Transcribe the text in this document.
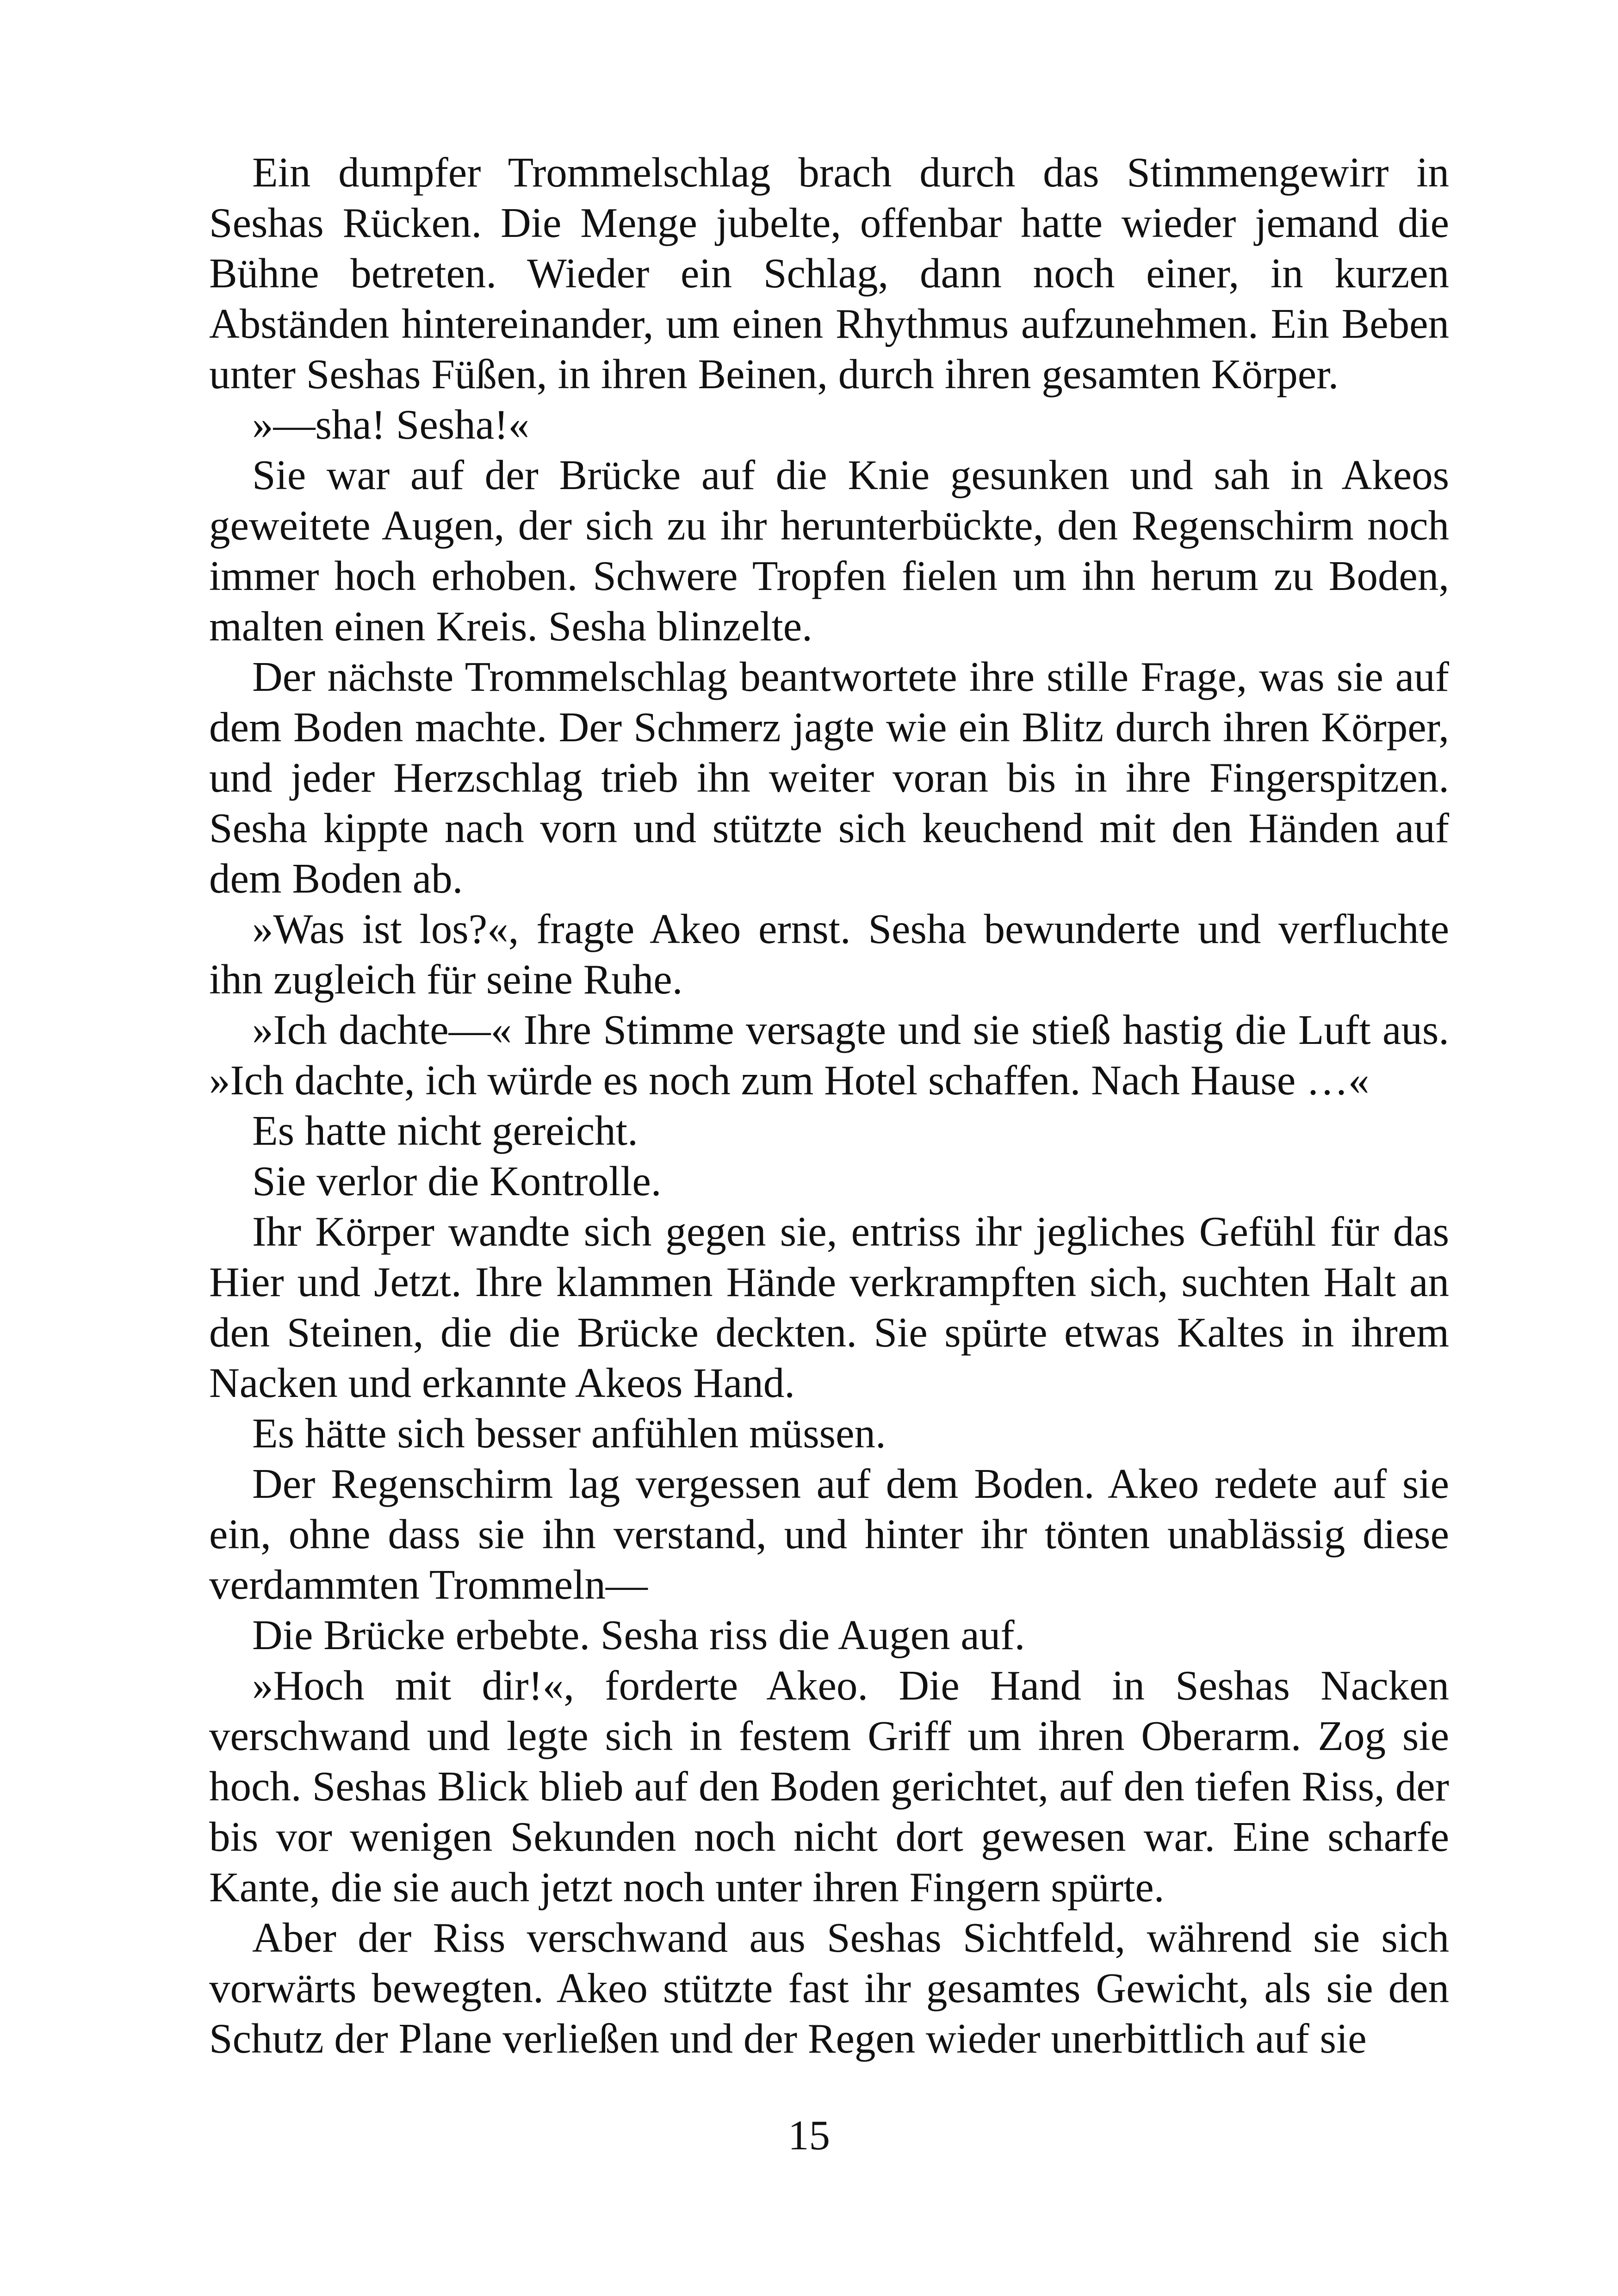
Ein dumpfer Trommelschlag brach durch das Stimmengewirr in Seshas Rücken. Die Menge jubelte, offenbar hatte wieder jemand die Bühne betreten. Wieder ein Schlag, dann noch einer, in kurzen Abständen hintereinander, um einen Rhythmus aufzunehmen. Ein Beben unter Seshas Füßen, in ihren Beinen, durch ihren gesamten Körper.

»—sha! Sesha!«

Sie war auf der Brücke auf die Knie gesunken und sah in Akeos geweitete Augen, der sich zu ihr herunterbückte, den Regenschirm noch immer hoch erhoben. Schwere Tropfen fielen um ihn herum zu Boden, malten einen Kreis. Sesha blinzelte.

Der nächste Trommelschlag beantwortete ihre stille Frage, was sie auf dem Boden machte. Der Schmerz jagte wie ein Blitz durch ihren Körper, und jeder Herzschlag trieb ihn weiter voran bis in ihre Fingerspitzen. Sesha kippte nach vorn und stützte sich keuchend mit den Händen auf dem Boden ab.

»Was ist los?«, fragte Akeo ernst. Sesha bewunderte und verfluchte ihn zugleich für seine Ruhe.

»Ich dachte—« Ihre Stimme versagte und sie stieß hastig die Luft aus. »Ich dachte, ich würde es noch zum Hotel schaffen. Nach Hause …«

Es hatte nicht gereicht.

Sie verlor die Kontrolle.

Ihr Körper wandte sich gegen sie, entriss ihr jegliches Gefühl für das Hier und Jetzt. Ihre klammen Hände verkrampften sich, suchten Halt an den Steinen, die die Brücke deckten. Sie spürte etwas Kaltes in ihrem Nacken und erkannte Akeos Hand.

Es hätte sich besser anfühlen müssen.

Der Regenschirm lag vergessen auf dem Boden. Akeo redete auf sie ein, ohne dass sie ihn verstand, und hinter ihr tönten unablässig diese verdammten Trommeln—

Die Brücke erbebte. Sesha riss die Augen auf.

»Hoch mit dir!«, forderte Akeo. Die Hand in Seshas Nacken verschwand und legte sich in festem Griff um ihren Oberarm. Zog sie hoch. Seshas Blick blieb auf den Boden gerichtet, auf den tiefen Riss, der bis vor wenigen Sekunden noch nicht dort gewesen war. Eine scharfe Kante, die sie auch jetzt noch unter ihren Fingern spürte.

Aber der Riss verschwand aus Seshas Sichtfeld, während sie sich vorwärts bewegten. Akeo stützte fast ihr gesamtes Gewicht, als sie den Schutz der Plane verließen und der Regen wieder unerbittlich auf sie

15
